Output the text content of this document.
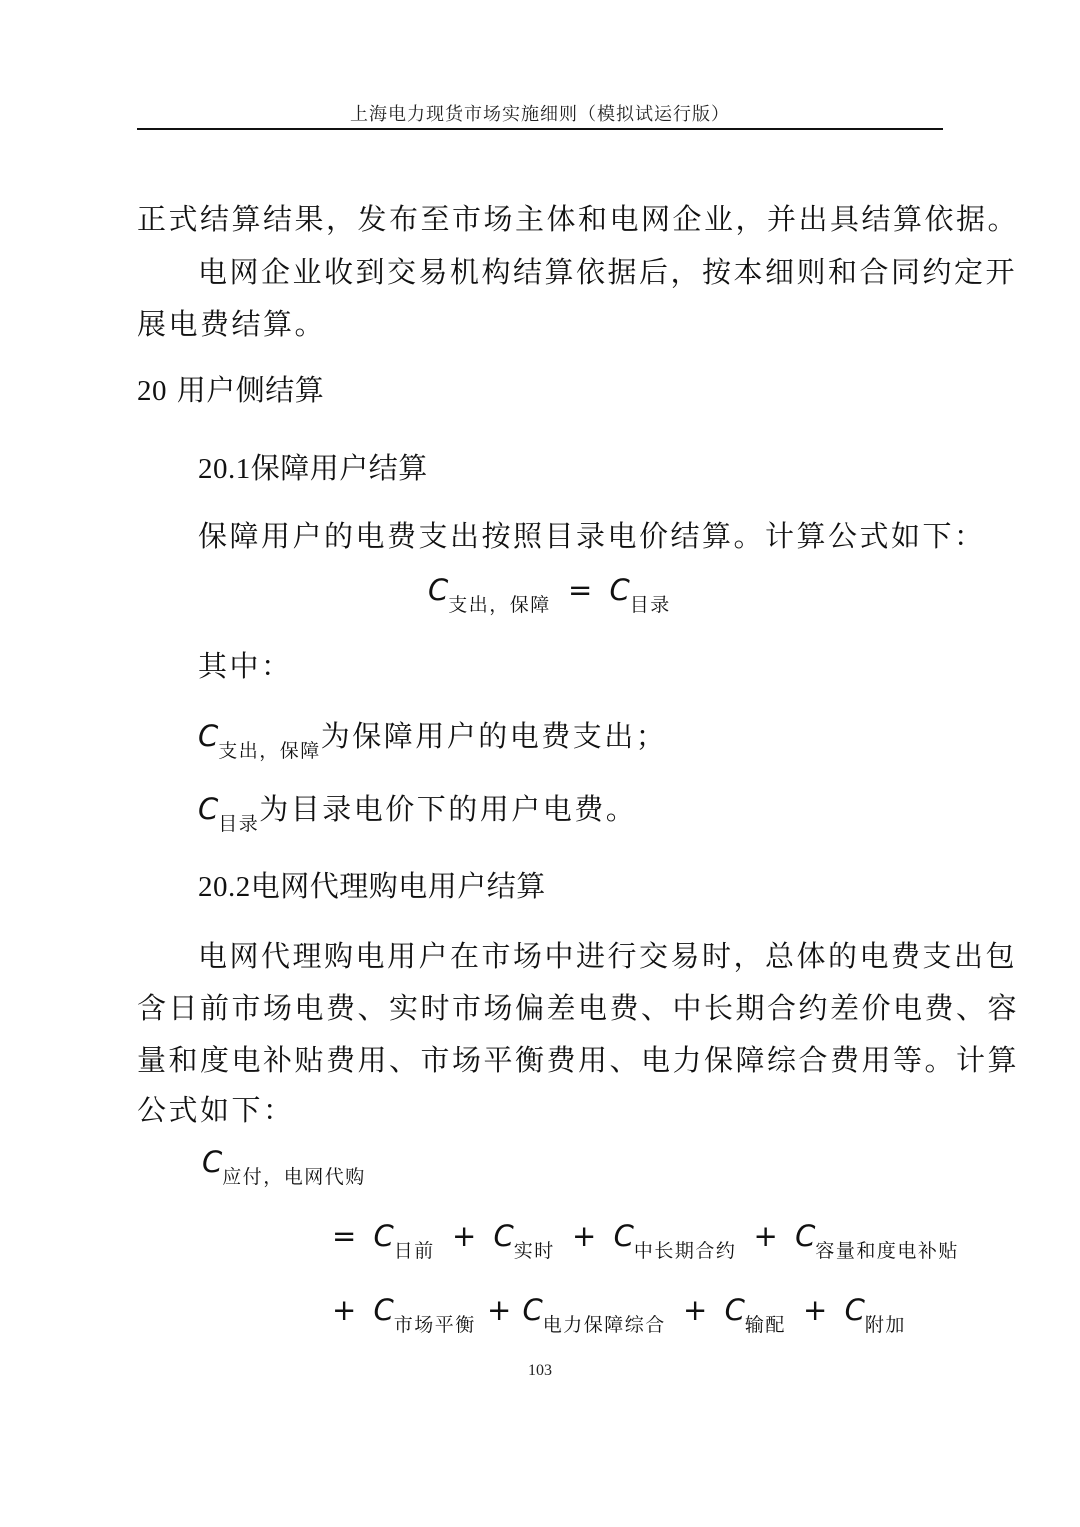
上海电力现货市场实施细则（模拟试运行版）
正式结算结果，发布至市场主体和电网企业，并出具结算依据。
电网企业收到交易机构结算依据后，按本细则和合同约定开
展电费结算。
20 用户侧结算
20.1保障用户结算
保障用户的电费支出按照目录电价结算。计算公式如下：
$C_{支出,保障} = C_{目录}$
其中：
$C_{支出,保障}$为保障用户的电费支出；
$C_{目录}$为目录电价下的用户电费。
20.2电网代理购电用户结算
电网代理购电用户在市场中进行交易时，总体的电费支出包
含日前市场电费、实时市场偏差电费、中长期合约差价电费、容
量和度电补贴费用、市场平衡费用、电力保障综合费用等。计算
公式如下：
$C_{应付,电网代购}$
= $C_{日前} + C_{实时} + C_{中长期合约} + C_{容量和度电补贴}$
+ $C_{市场平衡} + C_{电力保障综合} + C_{输配} + C_{附加}$
103
